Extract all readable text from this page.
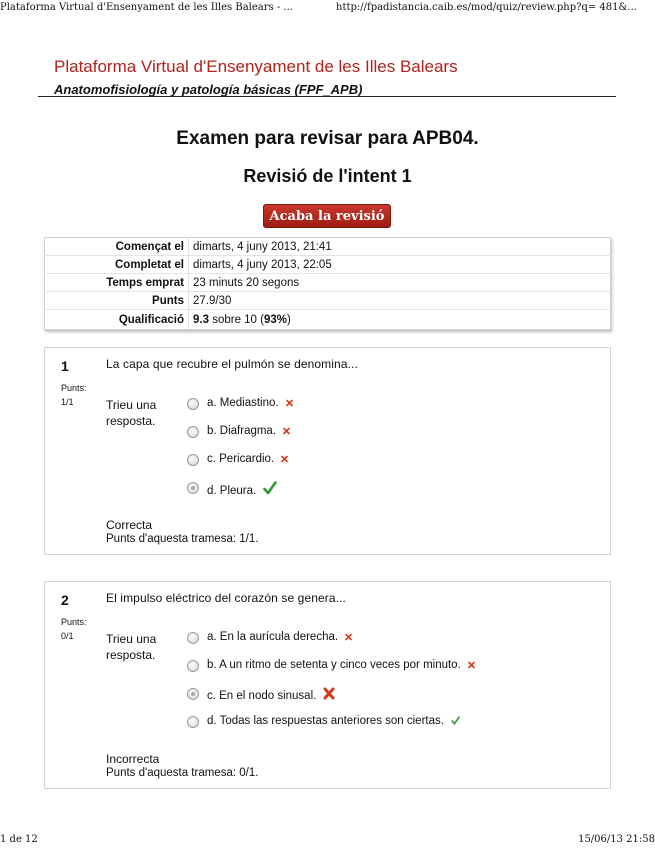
Plataforma Virtual d'Ensenyament de les Illes Balears - ...	http://fpadistancia.caib.es/mod/quiz/review.php?q= 481&...
Plataforma Virtual d'Ensenyament de les Illes Balears
Anatomofisiología y patología básicas (FPF_APB)
Examen para revisar para APB04.
Revisió de l'intent 1
Acaba la revisió
Començat el	dimarts, 4 juny 2013, 21:41
Completat el	dimarts, 4 juny 2013, 22:05
Temps emprat	23 minuts 20 segons
Punts	27.9/30
Qualificació	9.3 sobre 10 (93%)
1
Punts:
1/1
La capa que recubre el pulmón se denomina...
Trieu una resposta.
a. Mediastino.
b. Diafragma.
c. Pericardio.
d. Pleura.
Correcta
Punts d'aquesta tramesa: 1/1.
2
Punts:
0/1
El impulso eléctrico del corazón se genera...
Trieu una resposta.
a. En la aurícula derecha.
b. A un ritmo de setenta y cinco veces por minuto.
c. En el nodo sinusal.
d. Todas las respuestas anteriores son ciertas.
Incorrecta
Punts d'aquesta tramesa: 0/1.
1 de 12	15/06/13 21:58
